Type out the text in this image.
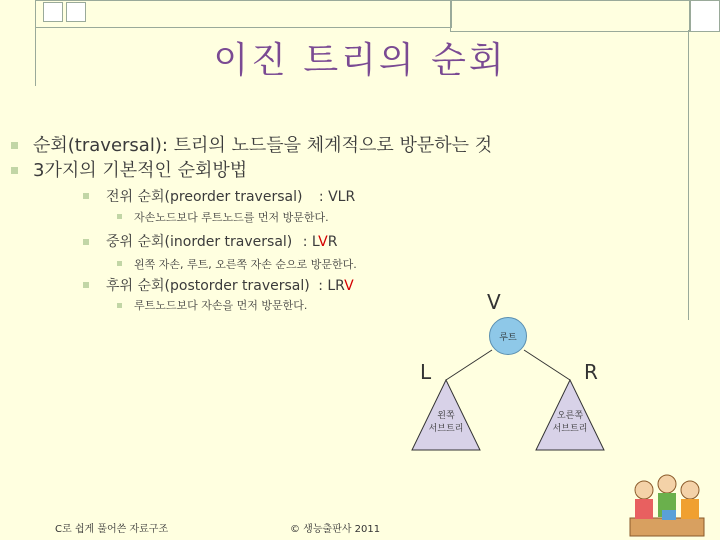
이진 트리의 순회
순회(traversal): 트리의 노드들을 체계적으로 방문하는 것
3가지의 기본적인 순회방법
전위 순회(preorder traversal) : VLR
자손노드보다 루트노드를 먼저 방문한다.
중위 순회(inorder traversal) : LVR
왼쪽 자손, 루트, 오른쪽 자손 순으로 방문한다.
후위 순회(postorder traversal) : LRV
루트노드보다 자손을 먼저 방문한다.	V
루트
L	R
왼쪽
서브트리
오른쪽
서브트리
C로 쉽게 풀어쓴 자료구조	© 생능출판사 2011
